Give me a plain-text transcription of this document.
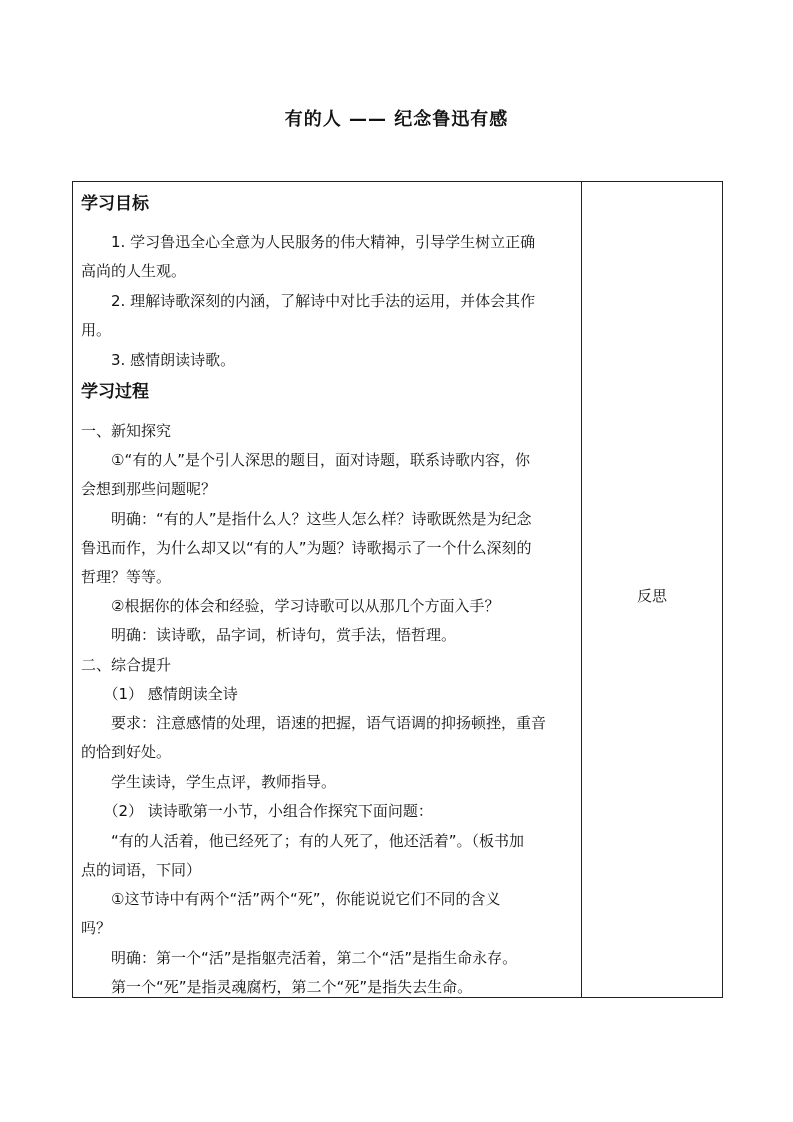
有的人 —— 纪念鲁迅有感
学习目标
　　1. 学习鲁迅全心全意为人民服务的伟大精神，引导学生树立正确
高尚的人生观。
　　2. 理解诗歌深刻的内涵，了解诗中对比手法的运用，并体会其作
用。
　　3. 感情朗读诗歌。
学习过程
一、新知探究
　　①“有的人”是个引人深思的题目，面对诗题，联系诗歌内容，你
会想到那些问题呢？
　　明确：“有的人”是指什么人？这些人怎么样？诗歌既然是为纪念
鲁迅而作，为什么却又以“有的人”为题？诗歌揭示了一个什么深刻的
哲理？等等。
　　②根据你的体会和经验，学习诗歌可以从那几个方面入手？
　　明确：读诗歌，品字词，析诗句，赏手法，悟哲理。
二、综合提升
　　（1） 感情朗读全诗
　　要求：注意感情的处理，语速的把握，语气语调的抑扬顿挫，重音
的恰到好处。
　　学生读诗，学生点评，教师指导。
　　（2） 读诗歌第一小节，小组合作探究下面问题：
　　“有的人活着，他已经死了；有的人死了，他还活着”。（板书加
点的词语，下同）
　　①这节诗中有两个“活”两个“死”，你能说说它们不同的含义
吗？
　　明确：第一个“活”是指躯壳活着，第二个“活”是指生命永存。
　　第一个“死”是指灵魂腐朽，第二个“死”是指失去生命。
反思
